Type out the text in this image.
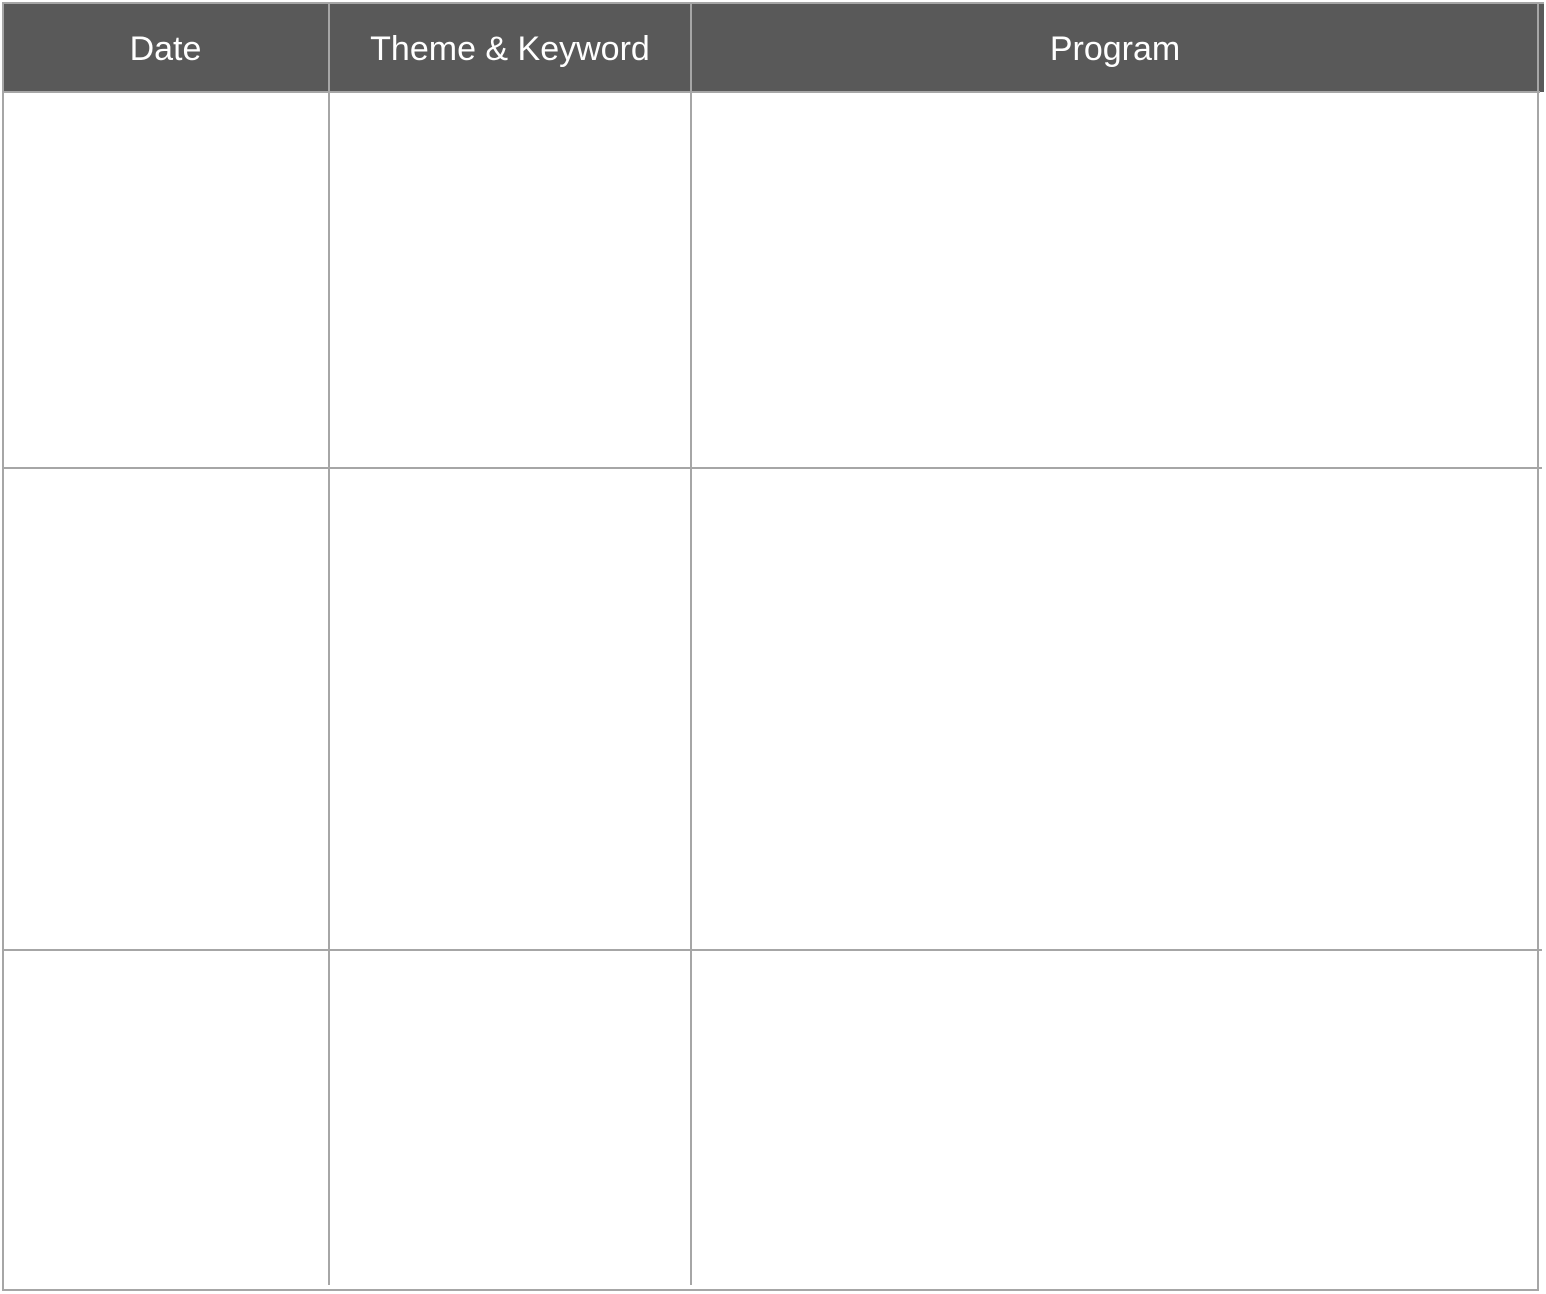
Date	Theme & Keyword	Program
